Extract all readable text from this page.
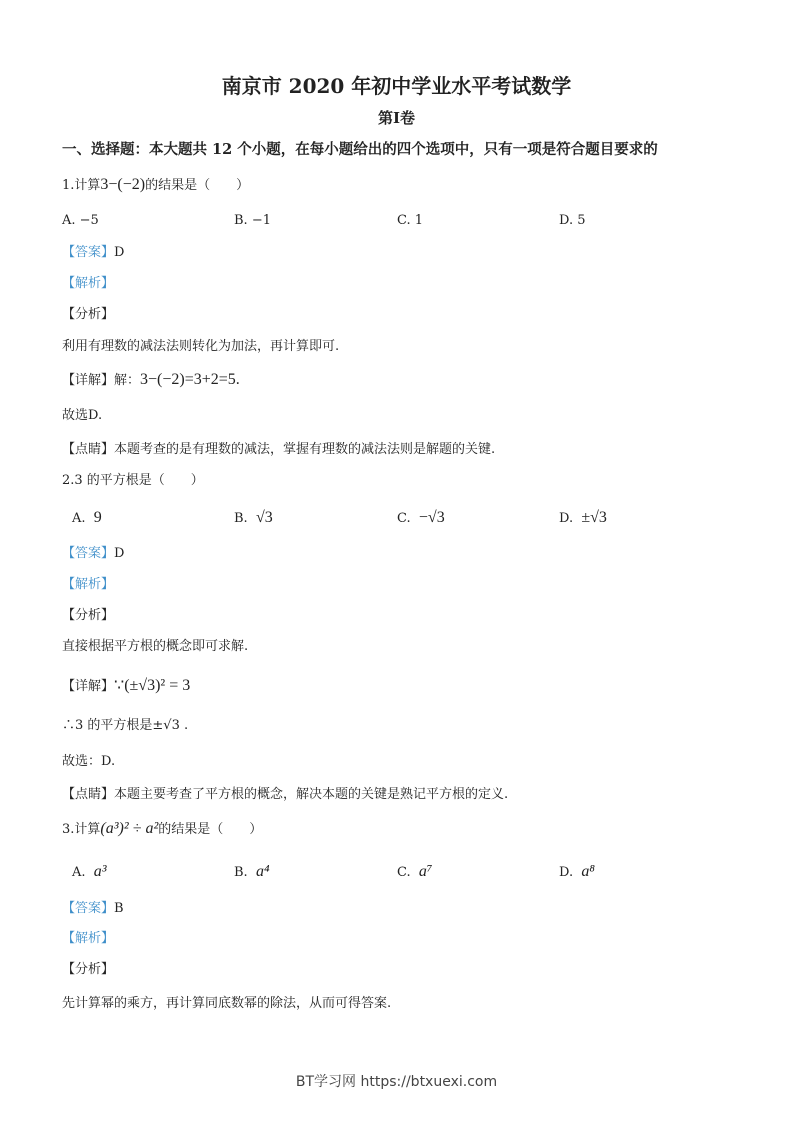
南京市 2020 年初中学业水平考试数学
第Ⅰ卷
一、选择题：本大题共 12 个小题，在每小题给出的四个选项中，只有一项是符合题目要求的
1.计算3−(−2)的结果是（　　）
A. −5	B. −1	C. 1	D. 5
【答案】D
【解析】
【分析】
利用有理数的减法法则转化为加法，再计算即可.
【详解】解：3−(−2)=3+2=5.
故选D.
【点睛】本题考查的是有理数的减法，掌握有理数的减法法则是解题的关键.
2.3 的平方根是（　　）
A. 9	B. √3	C. −√3	D. ±√3
【答案】D
【解析】
【分析】
直接根据平方根的概念即可求解.
【详解】∵(±√3)² = 3
∴3 的平方根是±√3 .
故选：D.
【点睛】本题主要考查了平方根的概念，解决本题的关键是熟记平方根的定义.
3.计算(a³)² ÷ a²的结果是（　　）
A. a³	B. a⁴	C. a⁷	D. a⁸
【答案】B
【解析】
【分析】
先计算幂的乘方，再计算同底数幂的除法，从而可得答案.
BT学习网 https://btxuexi.com
